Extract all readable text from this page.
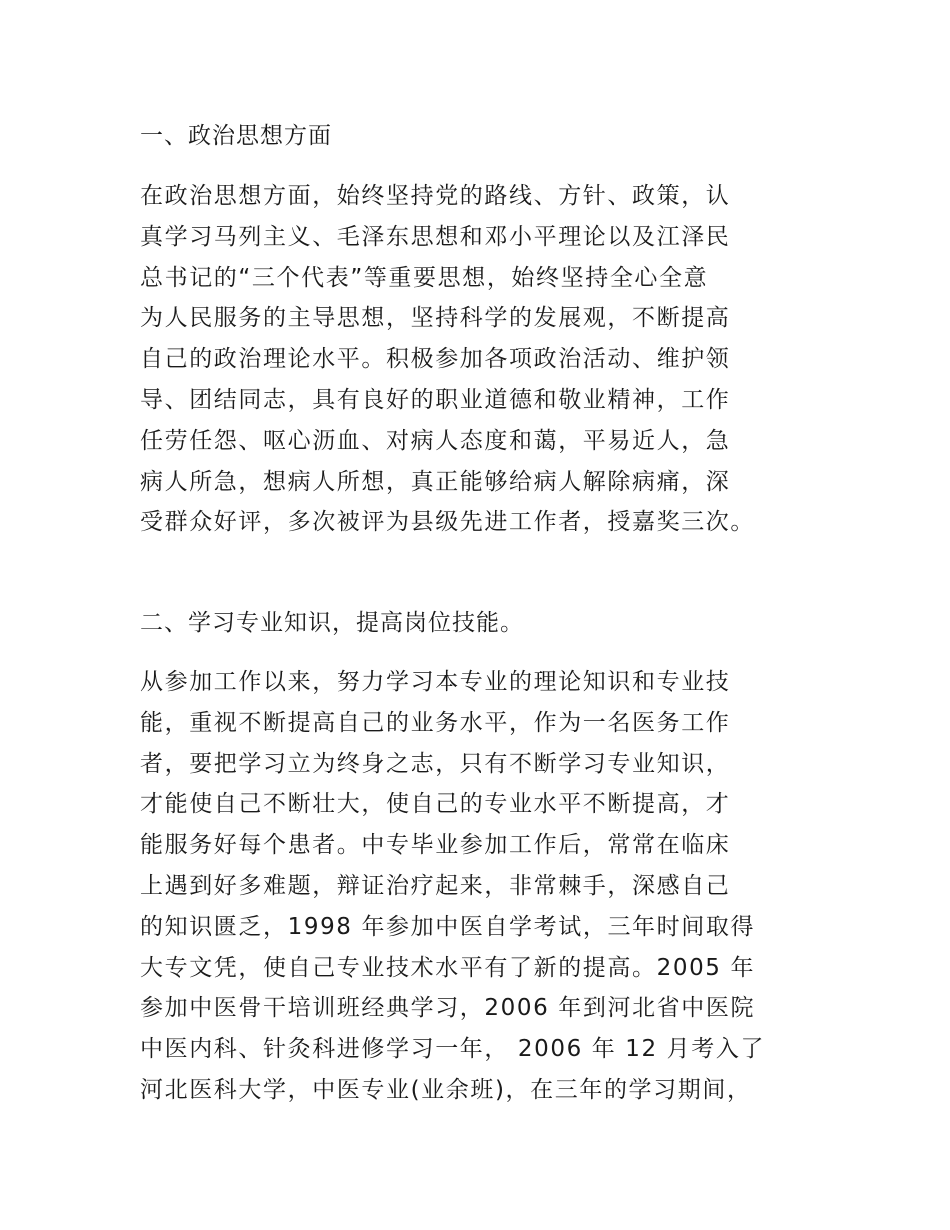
一、政治思想方面
在政治思想方面，始终坚持党的路线、方针、政策，认
真学习马列主义、毛泽东思想和邓小平理论以及江泽民
总书记的“三个代表”等重要思想，始终坚持全心全意
为人民服务的主导思想，坚持科学的发展观，不断提高
自己的政治理论水平。积极参加各项政治活动、维护领
导、团结同志，具有良好的职业道德和敬业精神，工作
任劳任怨、呕心沥血、对病人态度和蔼，平易近人，急
病人所急，想病人所想，真正能够给病人解除病痛，深
受群众好评，多次被评为县级先进工作者，授嘉奖三次。
二、学习专业知识，提高岗位技能。
从参加工作以来，努力学习本专业的理论知识和专业技
能，重视不断提高自己的业务水平，作为一名医务工作
者，要把学习立为终身之志，只有不断学习专业知识，
才能使自己不断壮大，使自己的专业水平不断提高，才
能服务好每个患者。中专毕业参加工作后，常常在临床
上遇到好多难题，辩证治疗起来，非常棘手，深感自己
的知识匮乏，1998 年参加中医自学考试，三年时间取得
大专文凭，使自己专业技术水平有了新的提高。2005 年
参加中医骨干培训班经典学习，2006 年到河北省中医院
中医内科、针灸科进修学习一年， 2006 年 12 月考入了
河北医科大学，中医专业(业余班)，在三年的学习期间，
